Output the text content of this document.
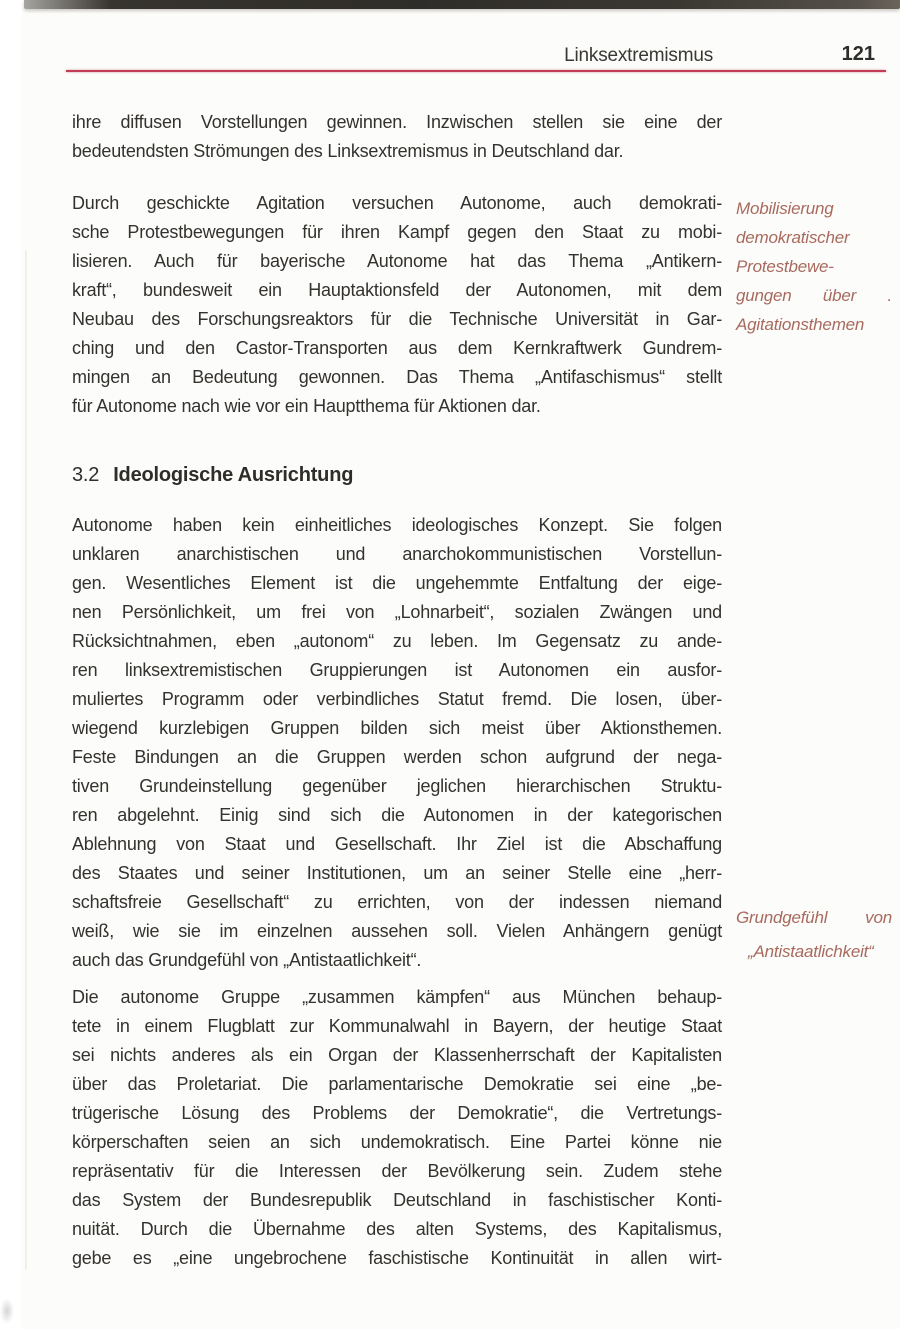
Linksextremismus	121
ihre diffusen Vorstellungen gewinnen. Inzwischen stellen sie eine der
bedeutendsten Strömungen des Linksextremismus in Deutschland dar.
Durch geschickte Agitation versuchen Autonome, auch demokrati-
sche Protestbewegungen für ihren Kampf gegen den Staat zu mobi-
lisieren. Auch für bayerische Autonome hat das Thema „Antikern-
kraft“, bundesweit ein Hauptaktionsfeld der Autonomen, mit dem
Neubau des Forschungsreaktors für die Technische Universität in Gar-
ching und den Castor-Transporten aus dem Kernkraftwerk Gundrem-
mingen an Bedeutung gewonnen. Das Thema „Antifaschismus“ stellt
für Autonome nach wie vor ein Hauptthema für Aktionen dar.
Mobilisierung
demokratischer
Protestbewe-
gungen über .
Agitationsthemen
3.2 Ideologische Ausrichtung
Autonome haben kein einheitliches ideologisches Konzept. Sie folgen
unklaren anarchistischen und anarchokommunistischen Vorstellun-
gen. Wesentliches Element ist die ungehemmte Entfaltung der eige-
nen Persönlichkeit, um frei von „Lohnarbeit“, sozialen Zwängen und
Rücksichtnahmen, eben „autonom“ zu leben. Im Gegensatz zu ande-
ren linksextremistischen Gruppierungen ist Autonomen ein ausfor-
muliertes Programm oder verbindliches Statut fremd. Die losen, über-
wiegend kurzlebigen Gruppen bilden sich meist über Aktionsthemen.
Feste Bindungen an die Gruppen werden schon aufgrund der nega-
tiven Grundeinstellung gegenüber jeglichen hierarchischen Struktu-
ren abgelehnt. Einig sind sich die Autonomen in der kategorischen
Ablehnung von Staat und Gesellschaft. Ihr Ziel ist die Abschaffung
des Staates und seiner Institutionen, um an seiner Stelle eine „herr-
schaftsfreie Gesellschaft“ zu errichten, von der indessen niemand
weiß, wie sie im einzelnen aussehen soll. Vielen Anhängern genügt
auch das Grundgefühl von „Antistaatlichkeit“.
Grundgefühl von
„Antistaatlichkeit“
Die autonome Gruppe „zusammen kämpfen“ aus München behaup-
tete in einem Flugblatt zur Kommunalwahl in Bayern, der heutige Staat
sei nichts anderes als ein Organ der Klassenherrschaft der Kapitalisten
über das Proletariat. Die parlamentarische Demokratie sei eine „be-
trügerische Lösung des Problems der Demokratie“, die Vertretungs-
körperschaften seien an sich undemokratisch. Eine Partei könne nie
repräsentativ für die Interessen der Bevölkerung sein. Zudem stehe
das System der Bundesrepublik Deutschland in faschistischer Konti-
nuität. Durch die Übernahme des alten Systems, des Kapitalismus,
gebe es „eine ungebrochene faschistische Kontinuität in allen wirt-
